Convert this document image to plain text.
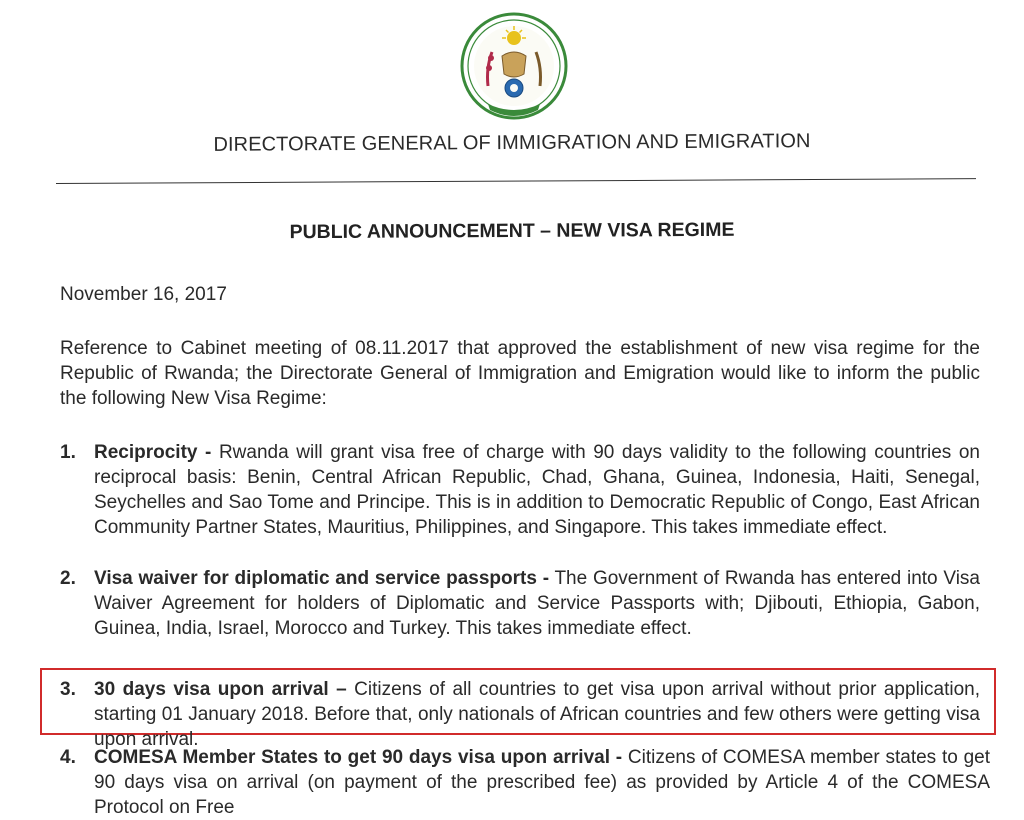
DIRECTORATE GENERAL OF IMMIGRATION AND EMIGRATION
PUBLIC ANNOUNCEMENT – NEW VISA REGIME
November 16, 2017
Reference to Cabinet meeting of 08.11.2017 that approved the establishment of new visa regime for the Republic of Rwanda; the Directorate General of Immigration and Emigration would like to inform the public the following New Visa Regime:
1. Reciprocity - Rwanda will grant visa free of charge with 90 days validity to the following countries on reciprocal basis: Benin, Central African Republic, Chad, Ghana, Guinea, Indonesia, Haiti, Senegal, Seychelles and Sao Tome and Principe. This is in addition to Democratic Republic of Congo, East African Community Partner States, Mauritius, Philippines, and Singapore. This takes immediate effect.
2. Visa waiver for diplomatic and service passports - The Government of Rwanda has entered into Visa Waiver Agreement for holders of Diplomatic and Service Passports with; Djibouti, Ethiopia, Gabon, Guinea, India, Israel, Morocco and Turkey. This takes immediate effect.
3. 30 days visa upon arrival – Citizens of all countries to get visa upon arrival without prior application, starting 01 January 2018. Before that, only nationals of African countries and few others were getting visa upon arrival.
4. COMESA Member States to get 90 days visa upon arrival - Citizens of COMESA member states to get 90 days visa on arrival (on payment of the prescribed fee) as provided by Article 4 of the COMESA Protocol on Free
